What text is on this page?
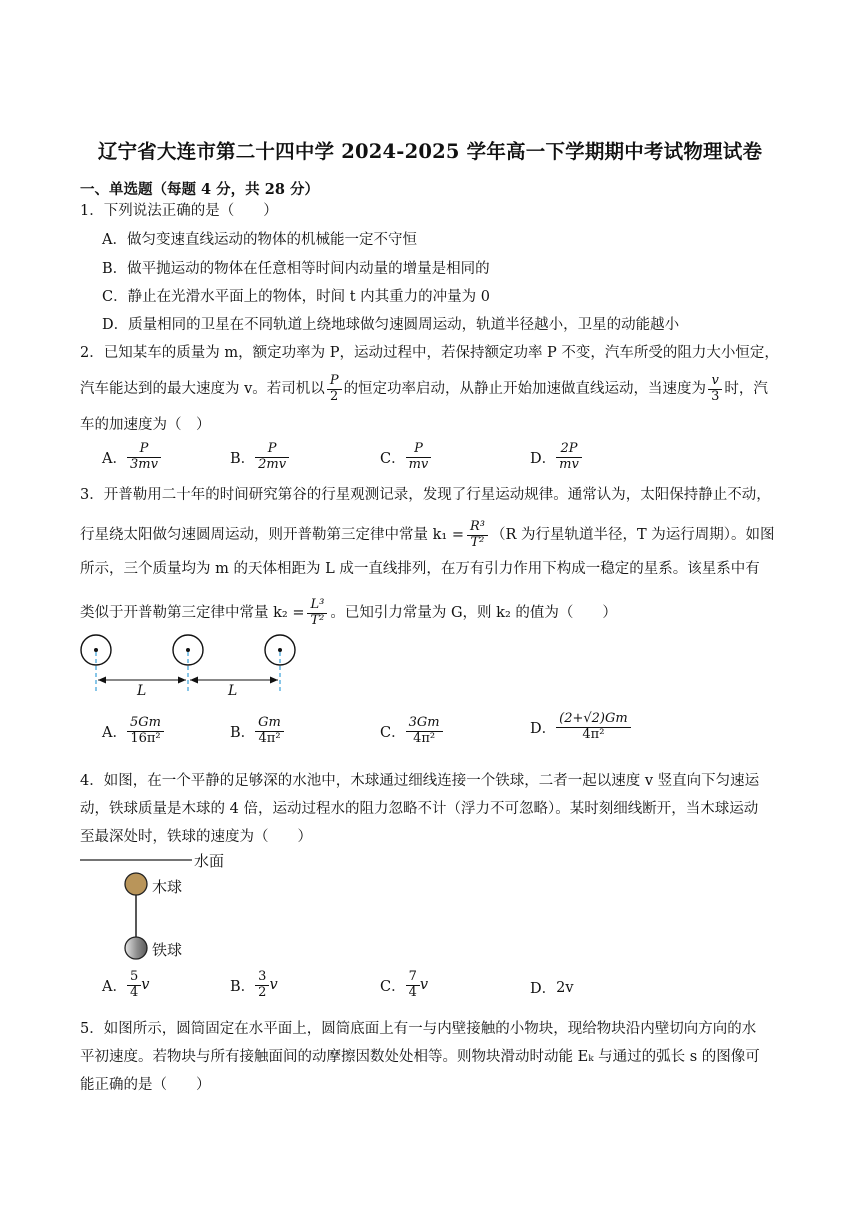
辽宁省大连市第二十四中学 2024-2025 学年高一下学期期中考试物理试卷
一、单选题（每题 4 分，共 28 分）
1．下列说法正确的是（　　）
A．做匀变速直线运动的物体的机械能一定不守恒
B．做平抛运动的物体在任意相等时间内动量的增量是相同的
C．静止在光滑水平面上的物体，时间 t 内其重力的冲量为 0
D．质量相同的卫星在不同轨道上绕地球做匀速圆周运动，轨道半径越小，卫星的动能越小
2．已知某车的质量为 m，额定功率为 P，运动过程中，若保持额定功率 P 不变，汽车所受的阻力大小恒定，
汽车能达到的最大速度为 v。若司机以 $\frac{P}{2}$ 的恒定功率启动，从静止开始加速做直线运动，当速度为 $\frac{v}{3}$ 时，汽
车的加速度为（　）
A． $\frac{P}{3mv}$	B． $\frac{P}{2mv}$	C． $\frac{P}{mv}$	D． $\frac{2P}{mv}$
3．开普勒用二十年的时间研究第谷的行星观测记录，发现了行星运动规律。通常认为，太阳保持静止不动，
行星绕太阳做匀速圆周运动，则开普勒第三定律中常量 $k_1 = \frac{\text{R³}}{\text{T²}} (R$ 为行星轨道半径，T 为运行周期）。如图
所示，三个质量均为 m 的天体相距为 L 成一直线排列，在万有引力作用下构成一稳定的星系。该星系中有
类似于开普勒第三定律中常量 $k_2 = \frac{\text{L³}}{\text{T²}}$ 。已知引力常量为 G，则 k₂ 的值为（　　）
L	L
A． $\frac{5Gm}{\text{16π²}}$	B． $\frac{Gm}{\text{4π²}}$	C． $\frac{3Gm}{\text{4π²}}$	D． $\frac{(2+√2)Gm}{\text{4π²}}$
4．如图，在一个平静的足够深的水池中，木球通过细线连接一个铁球，二者一起以速度 v 竖直向下匀速运
动，铁球质量是木球的 4 倍，运动过程水的阻力忽略不计（浮力不可忽略）。某时刻细线断开，当木球运动
至最深处时，铁球的速度为（　　）
水面
木球
铁球
A． $\frac{5}{4}$ v	B． $\frac{3}{2}$ v	C． $\frac{7}{4}$ v	D． 2v
5．如图所示，圆筒固定在水平面上，圆筒底面上有一与内壁接触的小物块，现给物块沿内壁切向方向的水
平初速度。若物块与所有接触面间的动摩擦因数处处相等。则物块滑动时动能 Eₖ 与通过的弧长 s 的图像可
能正确的是（　　）
